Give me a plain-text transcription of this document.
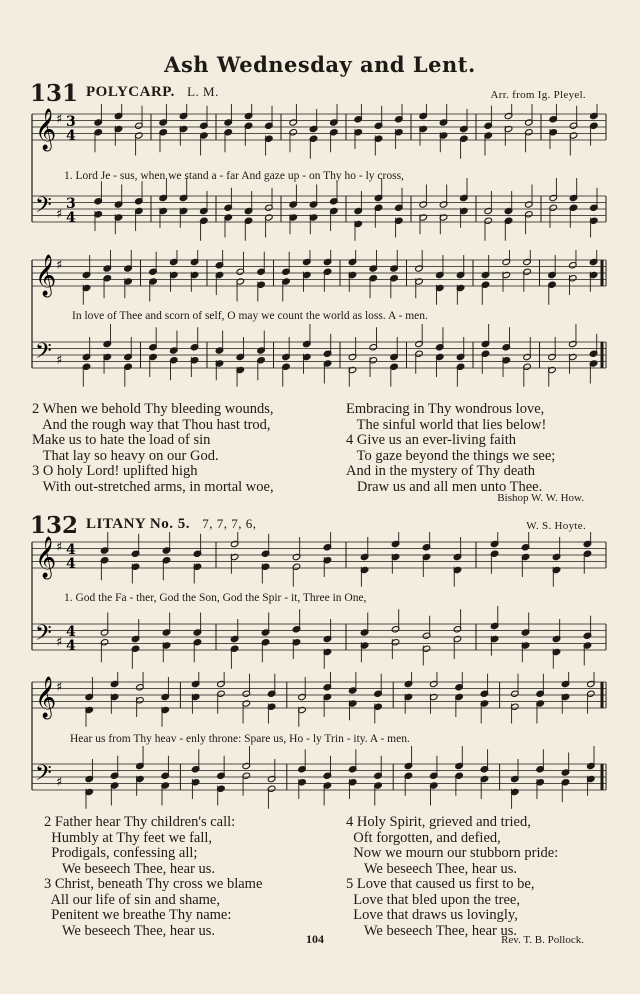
Ash Wednesday and Lent.
131 POLYCARP. L. M.	Arr. from Ig. Pleyel.
𝄞
𝄢
♯
♯
3
4
3
4
1. Lord Je - sus, when we stand a - far And gaze up - on Thy ho - ly cross,
𝄞
𝄢
♯
♯
In love of Thee and scorn of self, O may we count the world as loss. A - men.
2 When we behold Thy bleeding wounds,
And the rough way that Thou hast trod,
Make us to hate the load of sin
That lay so heavy on our God.
3 O holy Lord! uplifted high
With out-stretched arms, in mortal woe,
Embracing in Thy wondrous love,
The sinful world that lies below!
4 Give us an ever-living faith
To gaze beyond the things we see;
And in the mystery of Thy death
Draw us and all men unto Thee.
Bishop W. W. How.
132 LITANY No. 5. 7, 7, 7, 6,	W. S. Hoyte.
𝄞
𝄢
♯
♯
4
4
4
4
1. God the Fa - ther, God the Son, God the Spir - it, Three in One,
𝄞
𝄢
♯
♯
Hear us from Thy heav - enly throne: Spare us, Ho - ly Trin - ity. A - men.
2 Father hear Thy children's call:
Humbly at Thy feet we fall,
Prodigals, confessing all;
We beseech Thee, hear us.
3 Christ, beneath Thy cross we blame
All our life of sin and shame,
Penitent we breathe Thy name:
We beseech Thee, hear us.
4 Holy Spirit, grieved and tried,
Oft forgotten, and defied,
Now we mourn our stubborn pride:
We beseech Thee, hear us.
5 Love that caused us first to be,
Love that bled upon the tree,
Love that draws us lovingly,
We beseech Thee, hear us.
Rev. T. B. Pollock.
104
